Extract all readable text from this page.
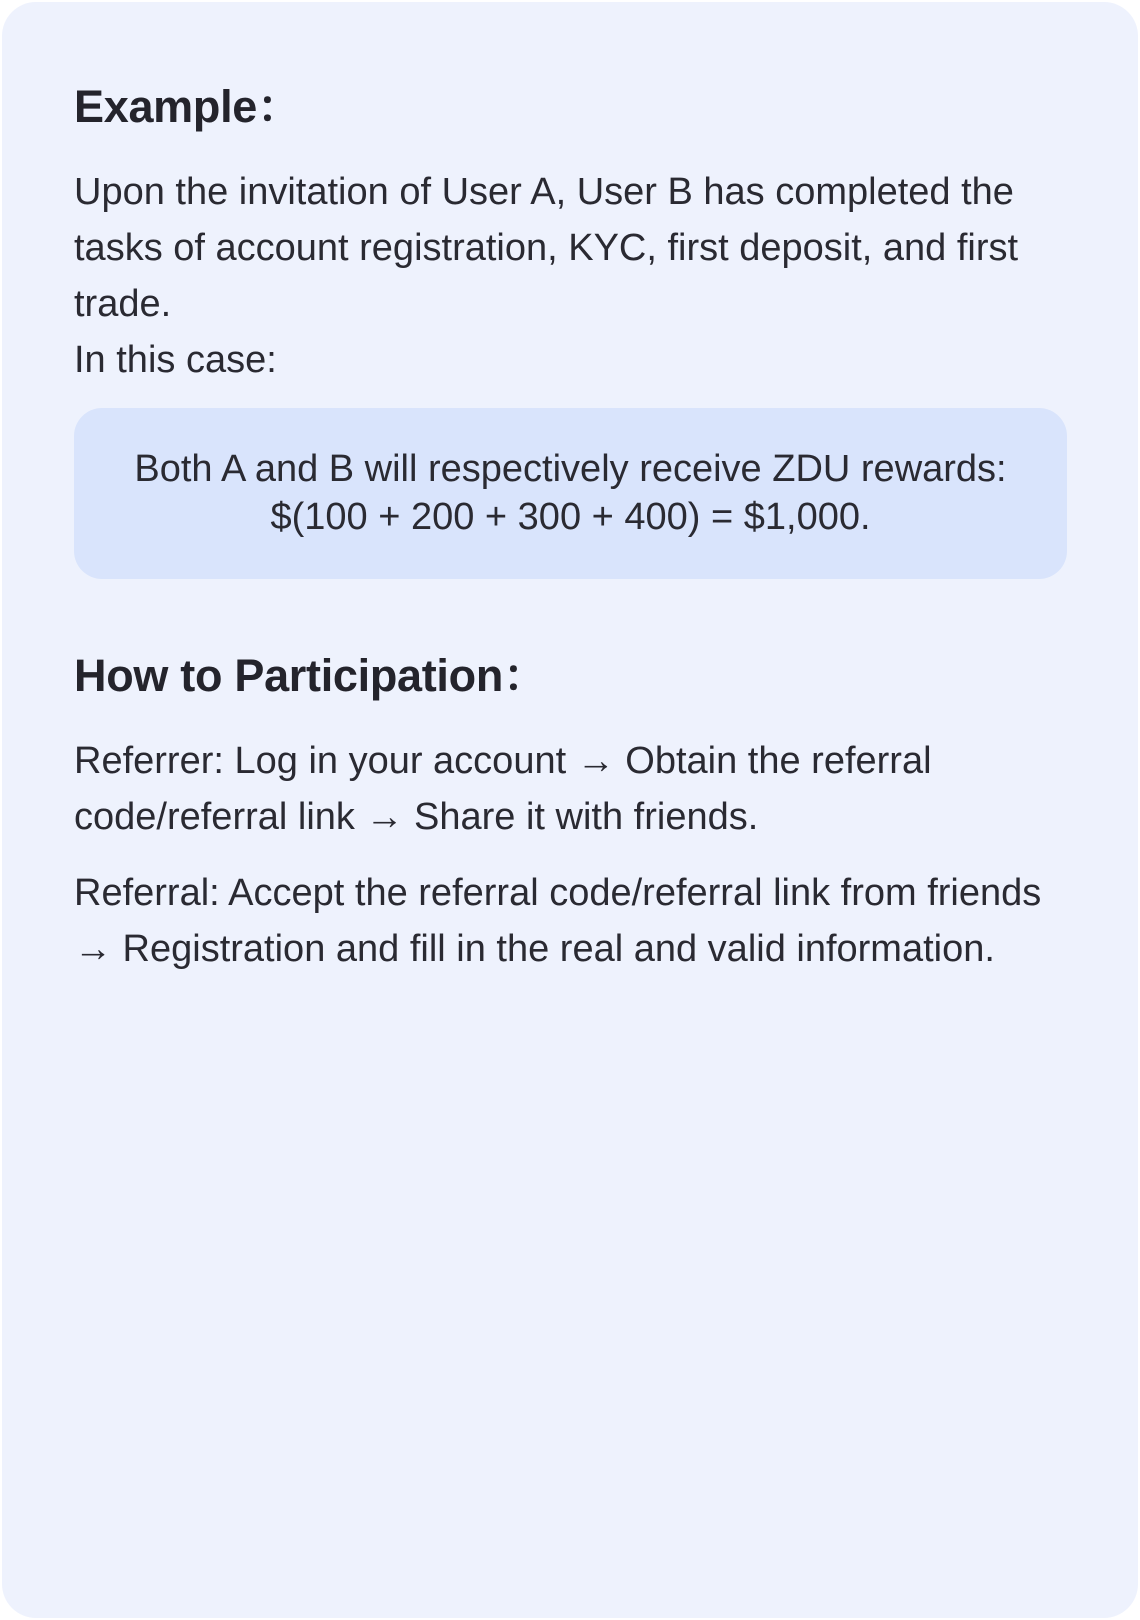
Example：

Upon the invitation of User A, User B has completed the tasks of account registration, KYC, first deposit, and first trade.

In this case:

Both A and B will respectively receive ZDU rewards:

$(100 + 200 + 300 + 400) = $1,000.

How to Participation：

Referrer: Log in your account → Obtain the referral code/referral link → Share it with friends.

Referral: Accept the referral code/referral link from friends → Registration and fill in the real and valid information.
